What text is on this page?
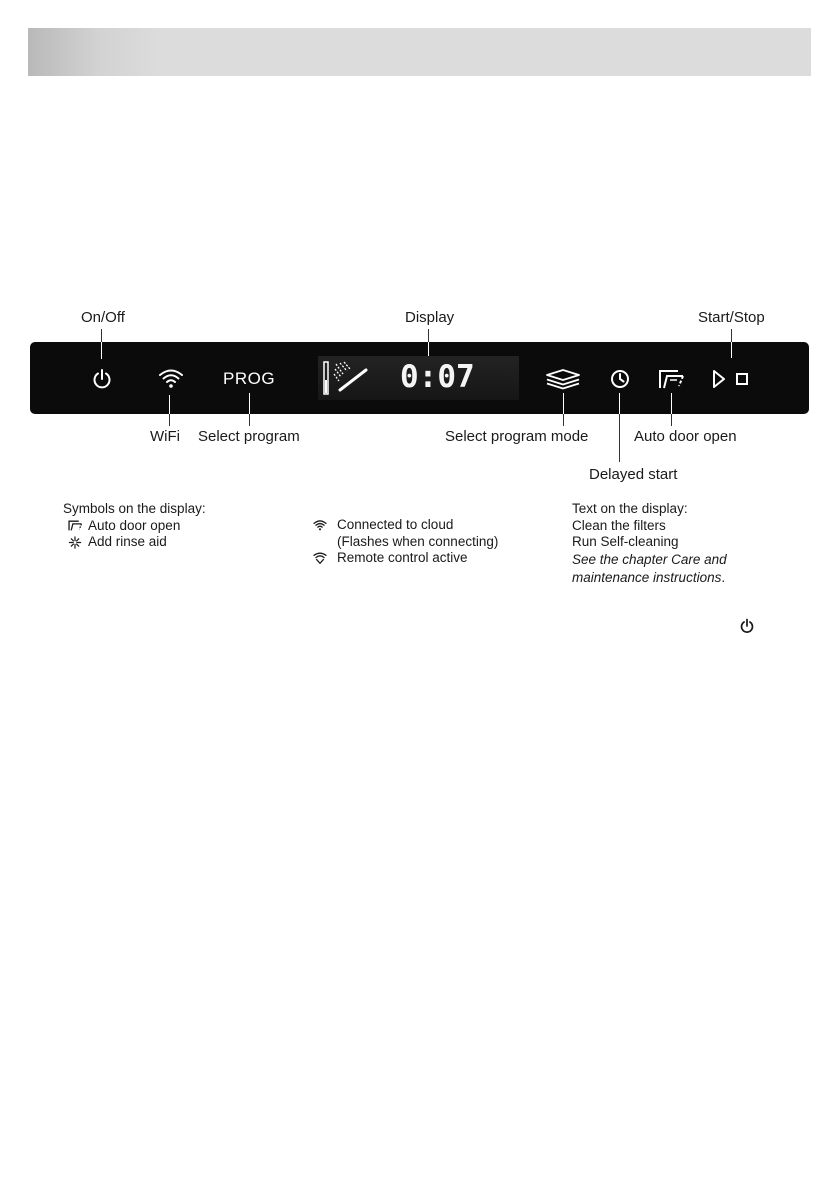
On/Off	Display	Start/Stop
PROG	0:07
WiFi Select program	Select program mode	Auto door open
Delayed start
Symbols on the display:
Auto door open
Add rinse aid
Connected to cloud
(Flashes when connecting)
Remote control active
Text on the display:
Clean the filters
Run Self-cleaning
See the chapter Care and
maintenance instructions.
